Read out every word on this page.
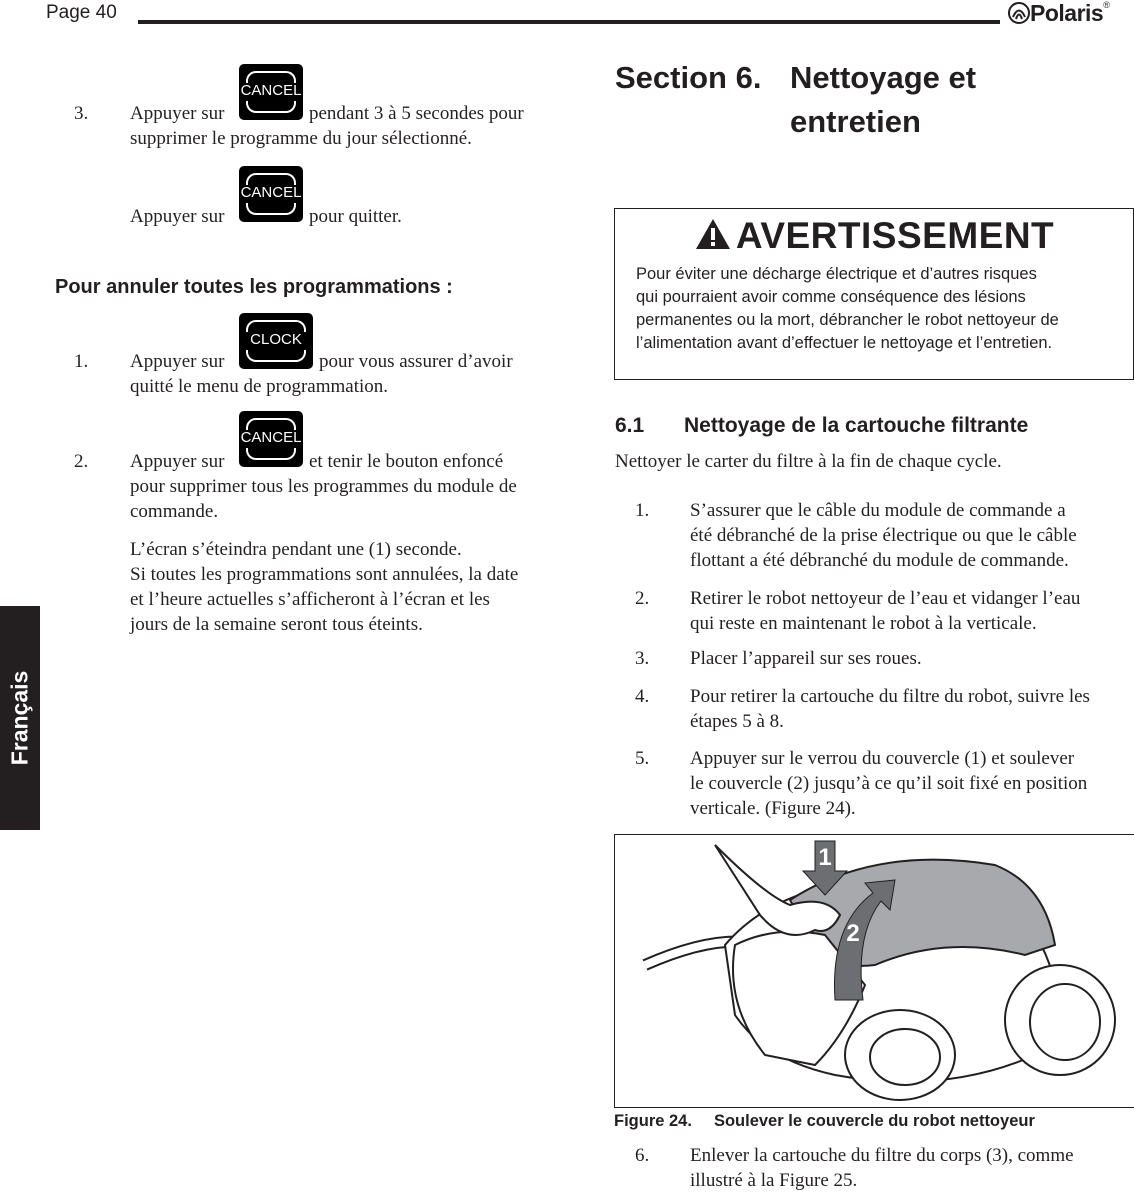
Page 40	Polaris®
Français
3. Appuyer sur
CANCEL
pendant 3 à 5 secondes pour
supprimer le programme du jour sélectionné.
Appuyer sur
CANCEL
pour quitter.
Pour annuler toutes les programmations :
1. Appuyer sur
CLOCK
pour vous assurer d’avoir
quitté le menu de programmation.
2. Appuyer sur
CANCEL
et tenir le bouton enfoncé
pour supprimer tous les programmes du module de
commande.
L’écran s’éteindra pendant une (1) seconde.
Si toutes les programmations sont annulées, la date
et l’heure actuelles s’afficheront à l’écran et les
jours de la semaine seront tous éteints.
Section 6. Nettoyage et
entretien
AVERTISSEMENT
Pour éviter une décharge électrique et d’autres risques
qui pourraient avoir comme conséquence des lésions
permanentes ou la mort, débrancher le robot nettoyeur de
l’alimentation avant d’effectuer le nettoyage et l’entretien.
6.1 Nettoyage de la cartouche filtrante
Nettoyer le carter du filtre à la fin de chaque cycle.
1. S’assurer que le câble du module de commande a
été débranché de la prise électrique ou que le câble
flottant a été débranché du module de commande.
2. Retirer le robot nettoyeur de l’eau et vidanger l’eau
qui reste en maintenant le robot à la verticale.
3. Placer l’appareil sur ses roues.
4. Pour retirer la cartouche du filtre du robot, suivre les
étapes 5 à 8.
5. Appuyer sur le verrou du couvercle (1) et soulever
le couvercle (2) jusqu’à ce qu’il soit fixé en position
verticale. (Figure 24).
1
2
Figure 24. Soulever le couvercle du robot nettoyeur
6. Enlever la cartouche du filtre du corps (3), comme
illustré à la Figure 25.
